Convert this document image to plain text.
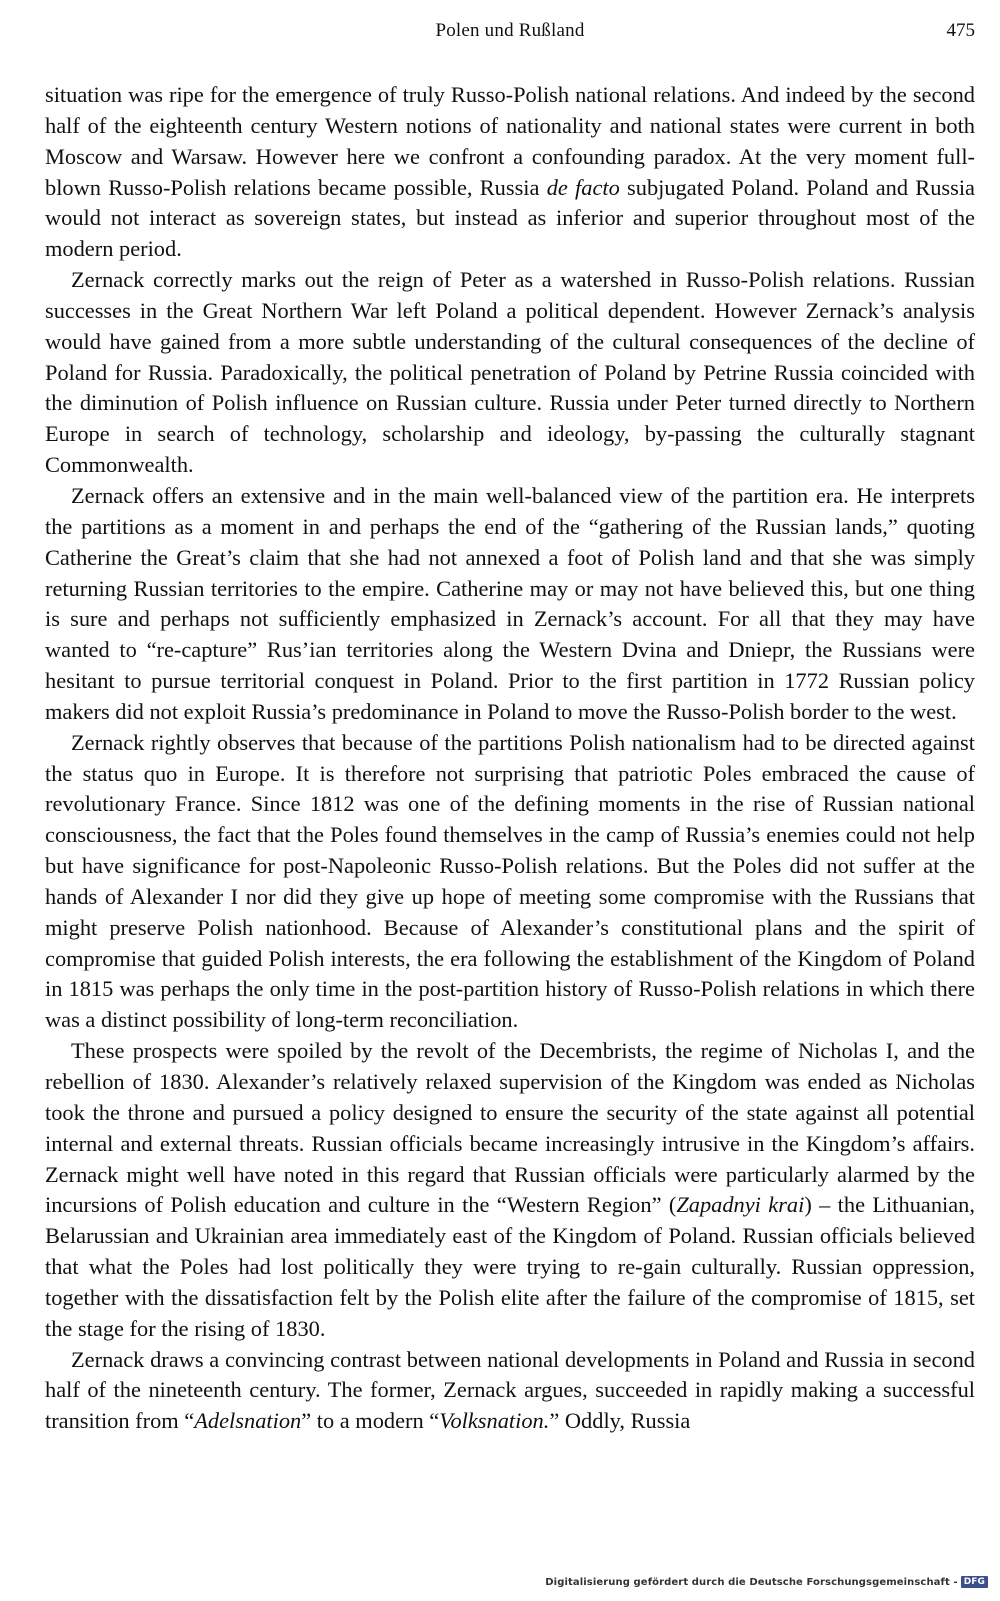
Polen und Rußland	475

situation was ripe for the emergence of truly Russo-Polish national relations. And indeed by the second half of the eighteenth century Western notions of nationality and national states were current in both Moscow and Warsaw. However here we confront a confounding paradox. At the very moment full-blown Russo-Polish relations became possible, Russia de facto subjugated Poland. Poland and Russia would not interact as sovereign states, but instead as inferior and superior throughout most of the modern period.

Zernack correctly marks out the reign of Peter as a watershed in Russo-Polish relations. Russian successes in the Great Northern War left Poland a political dependent. However Zernack’s analysis would have gained from a more subtle understanding of the cultural consequences of the decline of Poland for Russia. Paradoxically, the political penetration of Poland by Petrine Russia coincided with the diminution of Polish influence on Russian culture. Russia under Peter turned directly to Northern Europe in search of technology, scholarship and ideology, by-passing the culturally stagnant Commonwealth.

Zernack offers an extensive and in the main well-balanced view of the partition era. He interprets the partitions as a moment in and perhaps the end of the “gathering of the Russian lands,” quoting Catherine the Great’s claim that she had not annexed a foot of Polish land and that she was simply returning Russian territories to the empire. Catherine may or may not have believed this, but one thing is sure and perhaps not sufficiently emphasized in Zernack’s account. For all that they may have wanted to “re-capture” Rus’ian territories along the Western Dvina and Dniepr, the Russians were hesitant to pursue territorial conquest in Poland. Prior to the first partition in 1772 Russian policy makers did not exploit Russia’s predominance in Poland to move the Russo-Polish border to the west.

Zernack rightly observes that because of the partitions Polish nationalism had to be directed against the status quo in Europe. It is therefore not surprising that patriotic Poles embraced the cause of revolutionary France. Since 1812 was one of the defining moments in the rise of Russian national consciousness, the fact that the Poles found themselves in the camp of Russia’s enemies could not help but have significance for post-Napoleonic Russo-Polish relations. But the Poles did not suffer at the hands of Alexander I nor did they give up hope of meeting some compromise with the Russians that might preserve Polish nationhood. Because of Alexander’s constitutional plans and the spirit of compromise that guided Polish interests, the era following the establishment of the Kingdom of Poland in 1815 was perhaps the only time in the post-partition history of Russo-Polish relations in which there was a distinct possibility of long-term reconciliation.

These prospects were spoiled by the revolt of the Decembrists, the regime of Nicholas I, and the rebellion of 1830. Alexander’s relatively relaxed supervision of the Kingdom was ended as Nicholas took the throne and pursued a policy designed to ensure the security of the state against all potential internal and external threats. Russian officials became increasingly intrusive in the Kingdom’s affairs. Zernack might well have noted in this regard that Russian officials were particularly alarmed by the incursions of Polish education and culture in the “Western Region” (Zapadnyi krai) – the Lithuanian, Belarussian and Ukrainian area immediately east of the Kingdom of Poland. Russian officials believed that what the Poles had lost politically they were trying to re-gain culturally. Russian oppression, together with the dissatisfaction felt by the Polish elite after the failure of the compromise of 1815, set the stage for the rising of 1830.

Zernack draws a convincing contrast between national developments in Poland and Russia in second half of the nineteenth century. The former, Zernack argues, succeeded in rapidly making a successful transition from “Adelsnation” to a modern “Volksnation.” Oddly, Russia

Digitalisierung gefördert durch die Deutsche Forschungsgemeinschaft - DFG
